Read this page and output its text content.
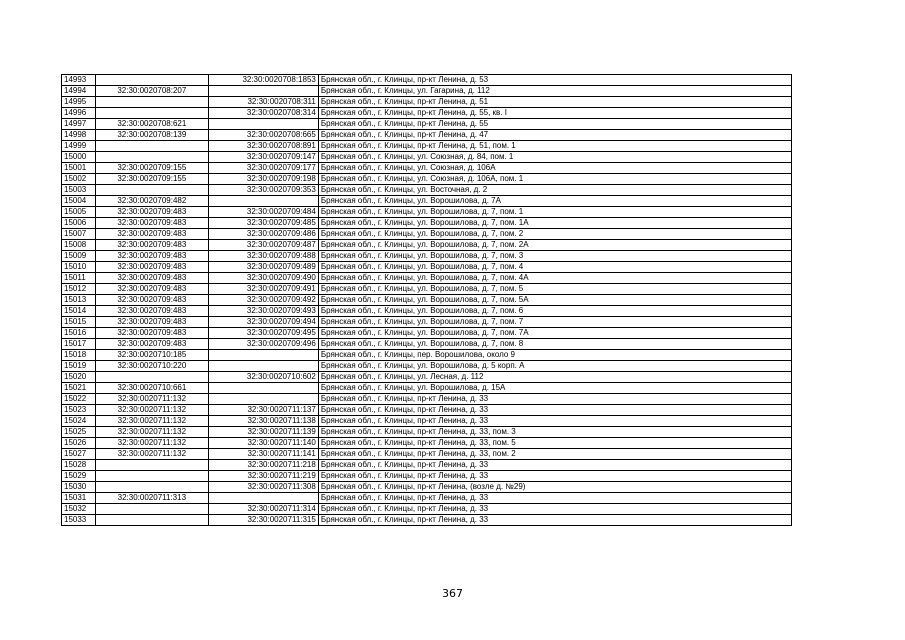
14993		32:30:0020708:1853	Брянская обл., г. Клинцы, пр-кт Ленина, д. 53
14994	32:30:0020708:207		Брянская обл., г. Клинцы, ул. Гагарина, д. 112
14995		32:30:0020708:311	Брянская обл., г. Клинцы, пр-кт Ленина, д. 51
14996		32:30:0020708:314	Брянская обл., г. Клинцы, пр-кт Ленина, д. 55, кв. I
14997	32:30:0020708:621		Брянская обл., г. Клинцы, пр-кт Ленина, д. 55
14998	32:30:0020708:139	32:30:0020708:665	Брянская обл., г. Клинцы, пр-кт Ленина, д. 47
14999		32:30:0020708:891	Брянская обл., г. Клинцы, пр-кт Ленина, д. 51, пом. 1
15000		32:30:0020709:147	Брянская обл., г. Клинцы, ул. Союзная, д. 84, пом. 1
15001	32:30:0020709:155	32:30:0020709:177	Брянская обл., г. Клинцы, ул. Союзная, д. 106А
15002	32:30:0020709:155	32:30:0020709:198	Брянская обл., г. Клинцы, ул. Союзная, д. 106А, пом. 1
15003		32:30:0020709:353	Брянская обл., г. Клинцы, ул. Восточная, д. 2
15004	32:30:0020709:482		Брянская обл., г. Клинцы, ул. Ворошилова, д. 7А
15005	32:30:0020709:483	32:30:0020709:484	Брянская обл., г. Клинцы, ул. Ворошилова, д. 7, пом. 1
15006	32:30:0020709:483	32:30:0020709:485	Брянская обл., г. Клинцы, ул. Ворошилова, д. 7, пом. 1А
15007	32:30:0020709:483	32:30:0020709:486	Брянская обл., г. Клинцы, ул. Ворошилова, д. 7, пом. 2
15008	32:30:0020709:483	32:30:0020709:487	Брянская обл., г. Клинцы, ул. Ворошилова, д. 7, пом. 2А
15009	32:30:0020709:483	32:30:0020709:488	Брянская обл., г. Клинцы, ул. Ворошилова, д. 7, пом. 3
15010	32:30:0020709:483	32:30:0020709:489	Брянская обл., г. Клинцы, ул. Ворошилова, д. 7, пом. 4
15011	32:30:0020709:483	32:30:0020709:490	Брянская обл., г. Клинцы, ул. Ворошилова, д. 7, пом. 4А
15012	32:30:0020709:483	32:30:0020709:491	Брянская обл., г. Клинцы, ул. Ворошилова, д. 7, пом. 5
15013	32:30:0020709:483	32:30:0020709:492	Брянская обл., г. Клинцы, ул. Ворошилова, д. 7, пом. 5А
15014	32:30:0020709:483	32:30:0020709:493	Брянская обл., г. Клинцы, ул. Ворошилова, д. 7, пом. 6
15015	32:30:0020709:483	32:30:0020709:494	Брянская обл., г. Клинцы, ул. Ворошилова, д. 7, пом. 7
15016	32:30:0020709:483	32:30:0020709:495	Брянская обл., г. Клинцы, ул. Ворошилова, д. 7, пом. 7А
15017	32:30:0020709:483	32:30:0020709:496	Брянская обл., г. Клинцы, ул. Ворошилова, д. 7, пом. 8
15018	32:30:0020710:185		Брянская обл., г. Клинцы, пер. Ворошилова, около 9
15019	32:30:0020710:220		Брянская обл., г. Клинцы, ул. Ворошилова, д. 5 корп. А
15020		32:30:0020710:602	Брянская обл., г. Клинцы, ул. Лесная, д. 112
15021	32:30:0020710:661		Брянская обл., г. Клинцы, ул. Ворошилова, д. 15А
15022	32:30:0020711:132		Брянская обл., г. Клинцы, пр-кт Ленина, д. 33
15023	32:30:0020711:132	32:30:0020711:137	Брянская обл., г. Клинцы, пр-кт Ленина, д. 33
15024	32:30:0020711:132	32:30:0020711:138	Брянская обл., г. Клинцы, пр-кт Ленина, д. 33
15025	32:30:0020711:132	32:30:0020711:139	Брянская обл., г. Клинцы, пр-кт Ленина, д. 33, пом. 3
15026	32:30:0020711:132	32:30:0020711:140	Брянская обл., г. Клинцы, пр-кт Ленина, д. 33, пом. 5
15027	32:30:0020711:132	32:30:0020711:141	Брянская обл., г. Клинцы, пр-кт Ленина, д. 33, пом. 2
15028		32:30:0020711:218	Брянская обл., г. Клинцы, пр-кт Ленина, д. 33
15029		32:30:0020711:219	Брянская обл., г. Клинцы, пр-кт Ленина, д. 33
15030		32:30:0020711:308	Брянская обл., г. Клинцы, пр-кт Ленина, (возле д. №29)
15031	32:30:0020711:313		Брянская обл., г. Клинцы, пр-кт Ленина, д. 33
15032		32:30:0020711:314	Брянская обл., г. Клинцы, пр-кт Ленина, д. 33
15033		32:30:0020711:315	Брянская обл., г. Клинцы, пр-кт Ленина, д. 33
367
